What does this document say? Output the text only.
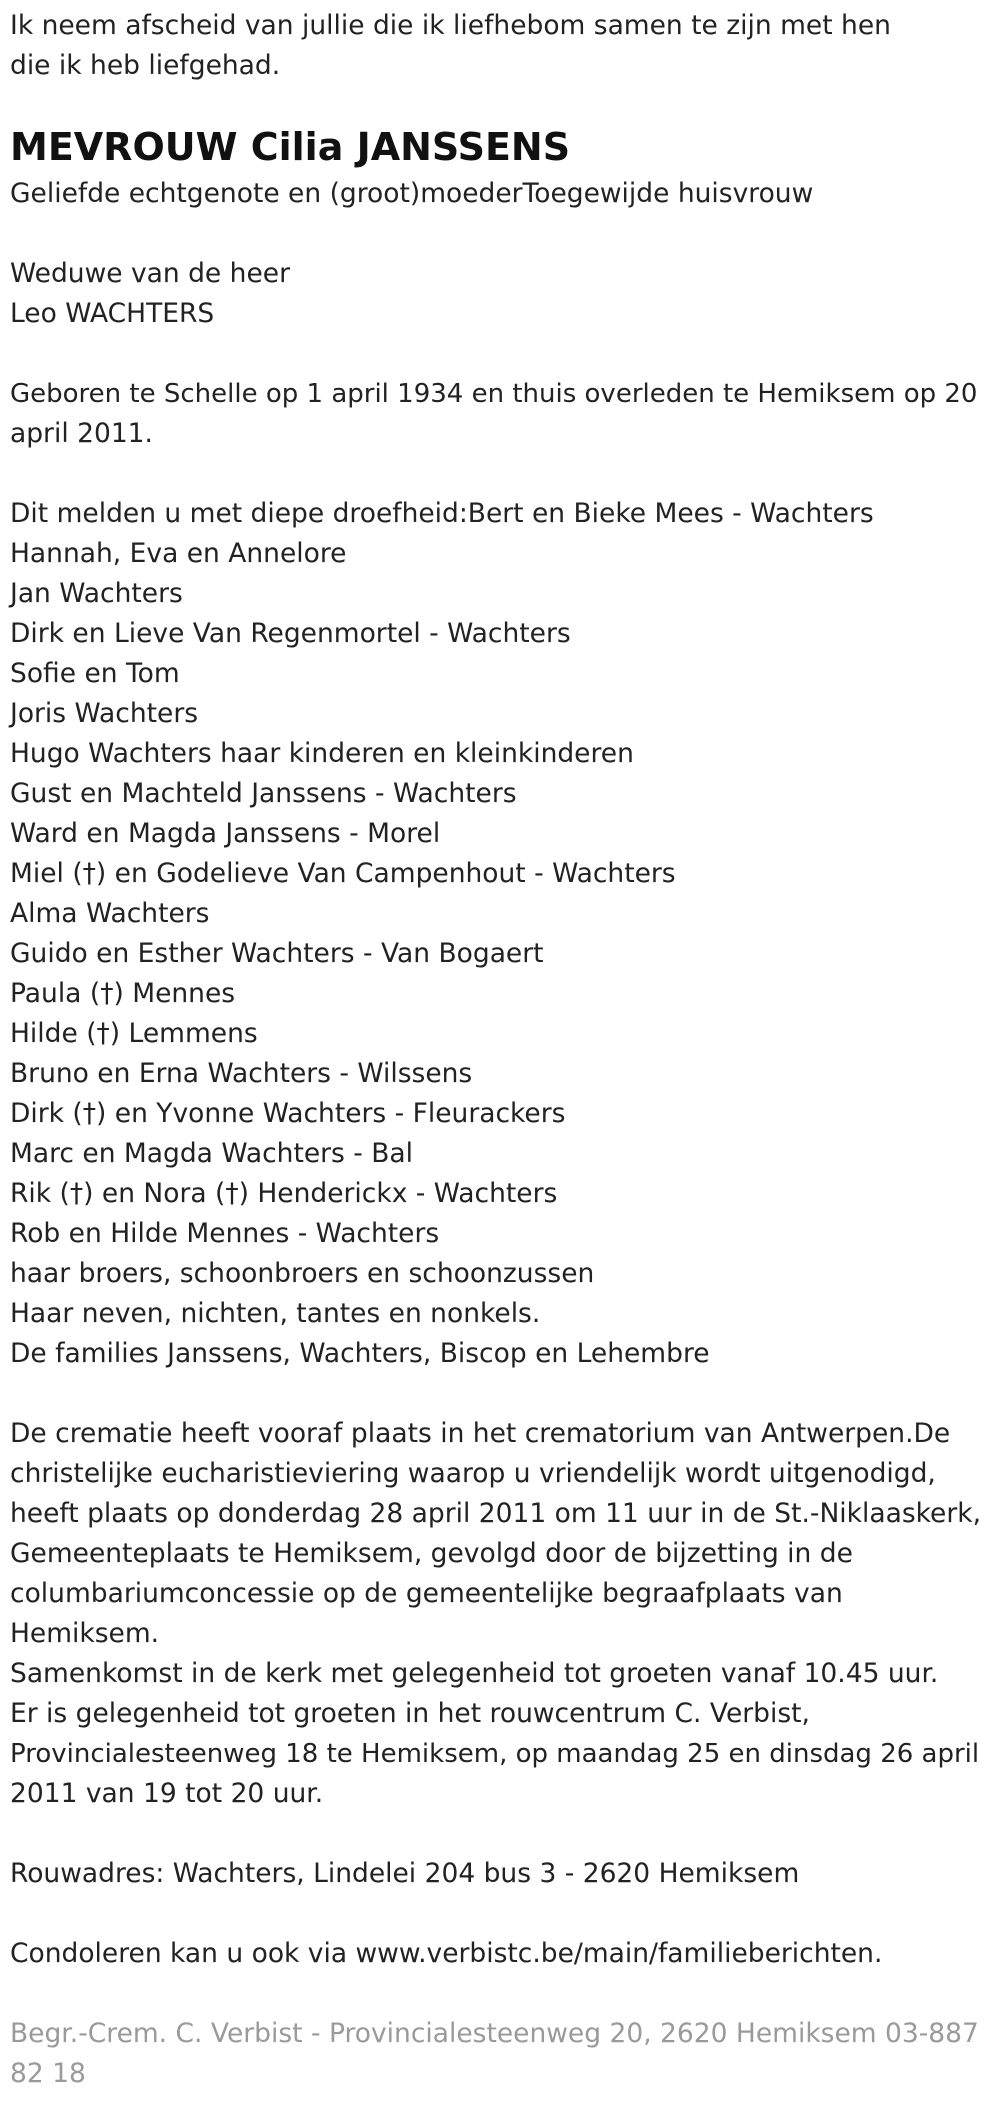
Ik neem afscheid van jullie die ik liefhebom samen te zijn met hen

die ik heb liefgehad.

MEVROUW Cilia JANSSENS

Geliefde echtgenote en (groot)moederToegewijde huisvrouw

Weduwe van de heer

Leo WACHTERS

Geboren te Schelle op 1 april 1934 en thuis overleden te Hemiksem op 20

april 2011.

Dit melden u met diepe droefheid:Bert en Bieke Mees - Wachters

Hannah, Eva en Annelore

Jan Wachters

Dirk en Lieve Van Regenmortel - Wachters

Sofie en Tom

Joris Wachters

Hugo Wachters haar kinderen en kleinkinderen

Gust en Machteld Janssens - Wachters

Ward en Magda Janssens - Morel

Miel (†) en Godelieve Van Campenhout - Wachters

Alma Wachters

Guido en Esther Wachters - Van Bogaert

Paula (†) Mennes

Hilde (†) Lemmens

Bruno en Erna Wachters - Wilssens

Dirk (†) en Yvonne Wachters - Fleurackers

Marc en Magda Wachters - Bal

Rik (†) en Nora (†) Henderickx - Wachters

Rob en Hilde Mennes - Wachters

haar broers, schoonbroers en schoonzussen

Haar neven, nichten, tantes en nonkels.

De families Janssens, Wachters, Biscop en Lehembre

De crematie heeft vooraf plaats in het crematorium van Antwerpen.De

christelijke eucharistieviering waarop u vriendelijk wordt uitgenodigd,

heeft plaats op donderdag 28 april 2011 om 11 uur in de St.-Niklaaskerk,

Gemeenteplaats te Hemiksem, gevolgd door de bijzetting in de

columbariumconcessie op de gemeentelijke begraafplaats van

Hemiksem.

Samenkomst in de kerk met gelegenheid tot groeten vanaf 10.45 uur.

Er is gelegenheid tot groeten in het rouwcentrum C. Verbist,

Provincialesteenweg 18 te Hemiksem, op maandag 25 en dinsdag 26 april

2011 van 19 tot 20 uur.

Rouwadres: Wachters, Lindelei 204 bus 3 - 2620 Hemiksem

Condoleren kan u ook via www.verbistc.be/main/familieberichten.

Begr.-Crem. C. Verbist - Provincialesteenweg 20, 2620 Hemiksem 03-887

82 18
